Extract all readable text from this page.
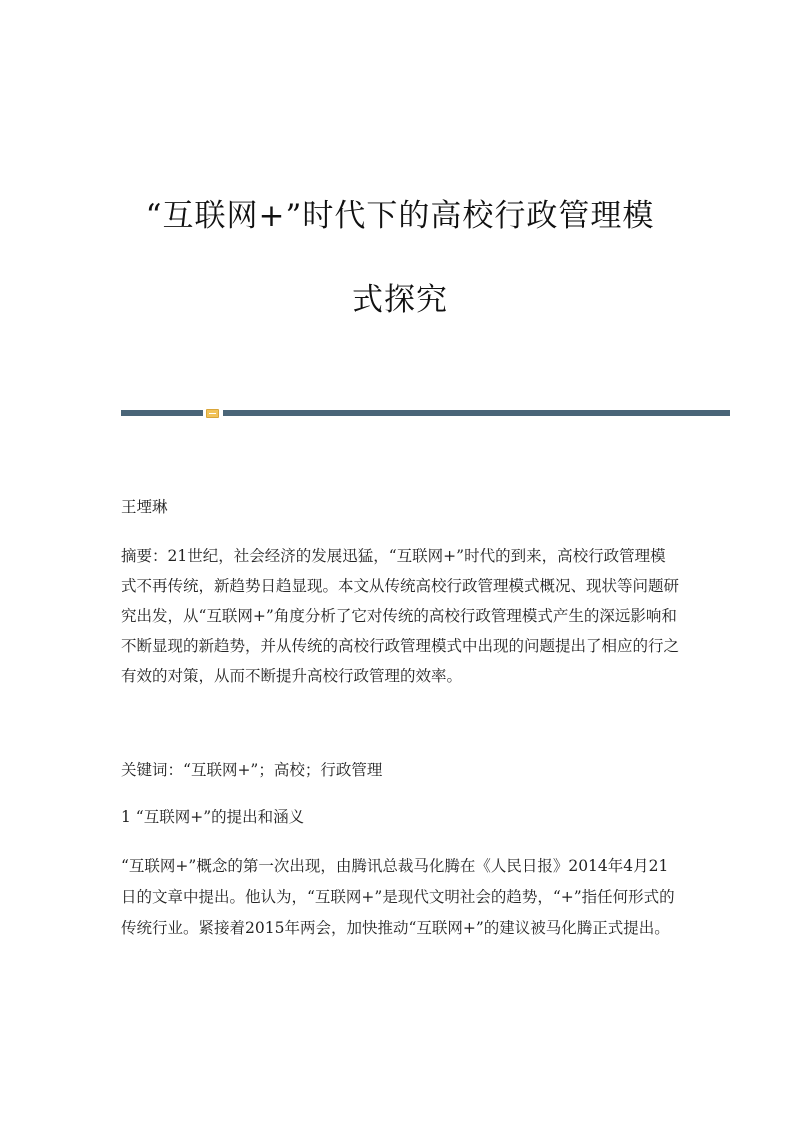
“互联网+”时代下的高校行政管理模
式探究

王堙琳

摘要：21世纪，社会经济的发展迅猛，“互联网+”时代的到来，高校行政管理模式不再传统，新趋势日趋显现。本文从传统高校行政管理模式概况、现状等问题研究出发，从“互联网+”角度分析了它对传统的高校行政管理模式产生的深远影响和不断显现的新趋势，并从传统的高校行政管理模式中出现的问题提出了相应的行之有效的对策，从而不断提升高校行政管理的效率。

关键词：“互联网+”；高校；行政管理

1 “互联网+”的提出和涵义

“互联网+”概念的第一次出现，由腾讯总裁马化腾在《人民日报》2014年4月21日的文章中提出。他认为，“互联网+”是现代文明社会的趋势，“+”指任何形式的传统行业。紧接着2015年两会，加快推动“互联网+”的建议被马化腾正式提出。
